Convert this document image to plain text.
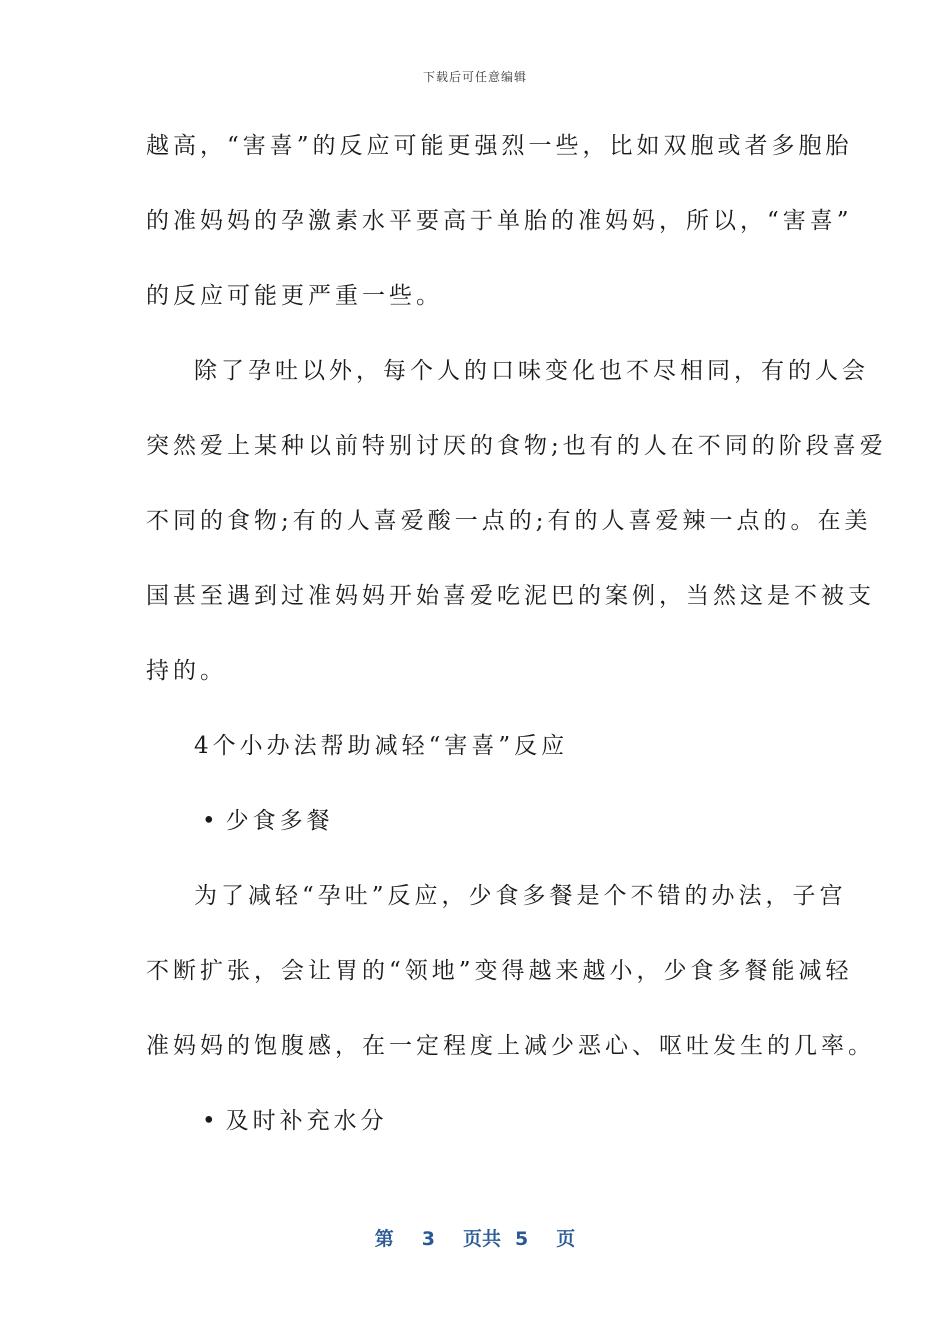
下载后可任意编辑
越高，“害喜”的反应可能更强烈一些，比如双胞或者多胞胎
的准妈妈的孕激素水平要高于单胎的准妈妈，所以，“害喜”
的反应可能更严重一些。
除了孕吐以外，每个人的口味变化也不尽相同，有的人会
突然爱上某种以前特别讨厌的食物;也有的人在不同的阶段喜爱
不同的食物;有的人喜爱酸一点的;有的人喜爱辣一点的。在美
国甚至遇到过准妈妈开始喜爱吃泥巴的案例，当然这是不被支
持的。
4个小办法帮助减轻“害喜”反应
• 少食多餐
为了减轻“孕吐”反应，少食多餐是个不错的办法，子宫
不断扩张，会让胃的“领地”变得越来越小，少食多餐能减轻
准妈妈的饱腹感，在一定程度上减少恶心、呕吐发生的几率。
• 及时补充水分
第 3 页共 5 页
